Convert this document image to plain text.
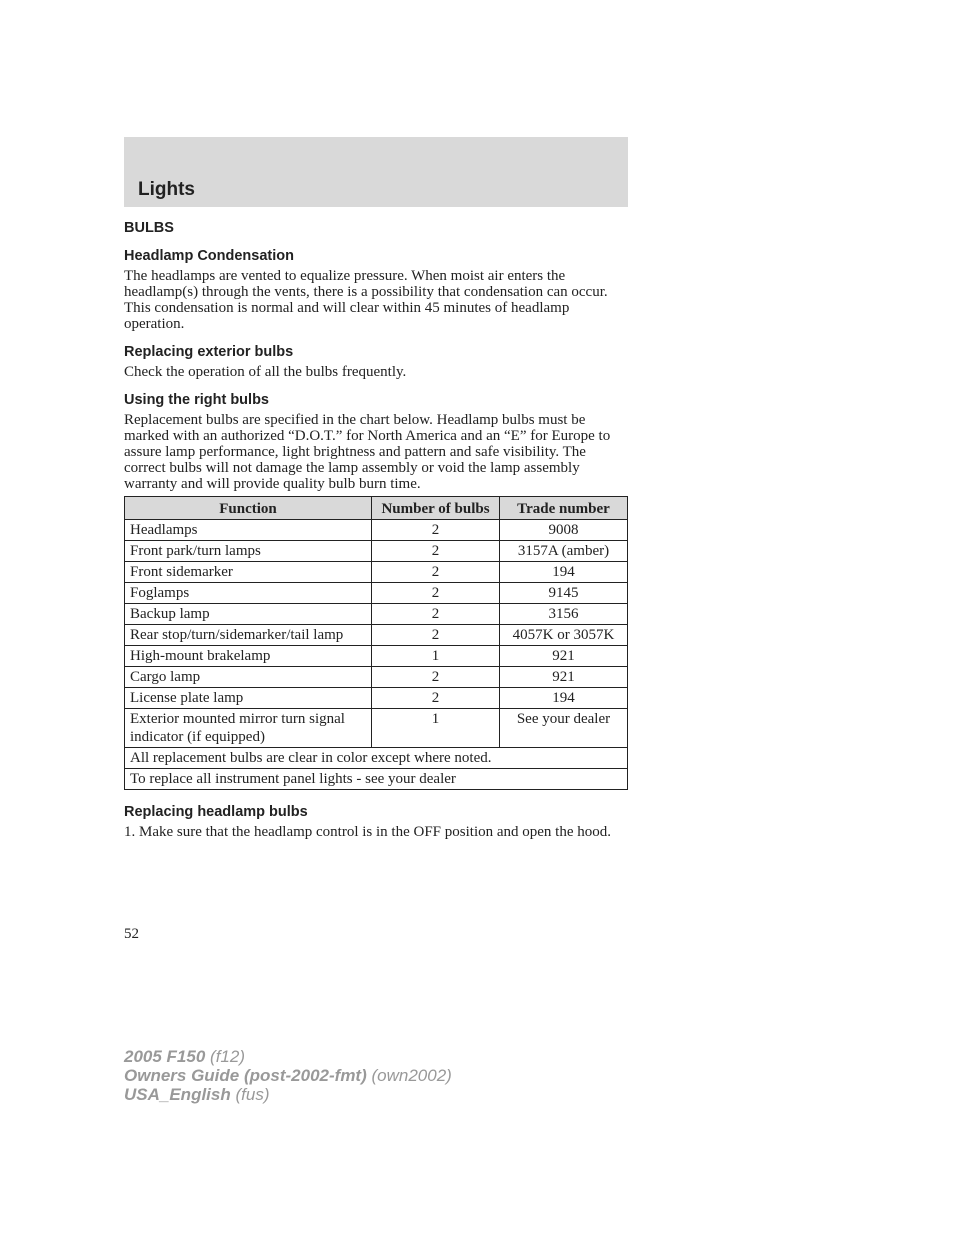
Lights
BULBS
Headlamp Condensation
The headlamps are vented to equalize pressure. When moist air enters the headlamp(s) through the vents, there is a possibility that condensation can occur. This condensation is normal and will clear within 45 minutes of headlamp operation.
Replacing exterior bulbs
Check the operation of all the bulbs frequently.
Using the right bulbs
Replacement bulbs are specified in the chart below. Headlamp bulbs must be marked with an authorized “D.O.T.” for North America and an “E” for Europe to assure lamp performance, light brightness and pattern and safe visibility. The correct bulbs will not damage the lamp assembly or void the lamp assembly warranty and will provide quality bulb burn time.
Function	Number of bulbs	Trade number
Headlamps	2	9008
Front park/turn lamps	2	3157A (amber)
Front sidemarker	2	194
Foglamps	2	9145
Backup lamp	2	3156
Rear stop/turn/sidemarker/tail lamp	2	4057K or 3057K
High-mount brakelamp	1	921
Cargo lamp	2	921
License plate lamp	2	194
Exterior mounted mirror turn signal indicator (if equipped)	1	See your dealer
All replacement bulbs are clear in color except where noted.		
To replace all instrument panel lights - see your dealer		
Replacing headlamp bulbs
1. Make sure that the headlamp control is in the OFF position and open the hood.
52
2005 F150 (f12)
Owners Guide (post-2002-fmt) (own2002)
USA_English (fus)
